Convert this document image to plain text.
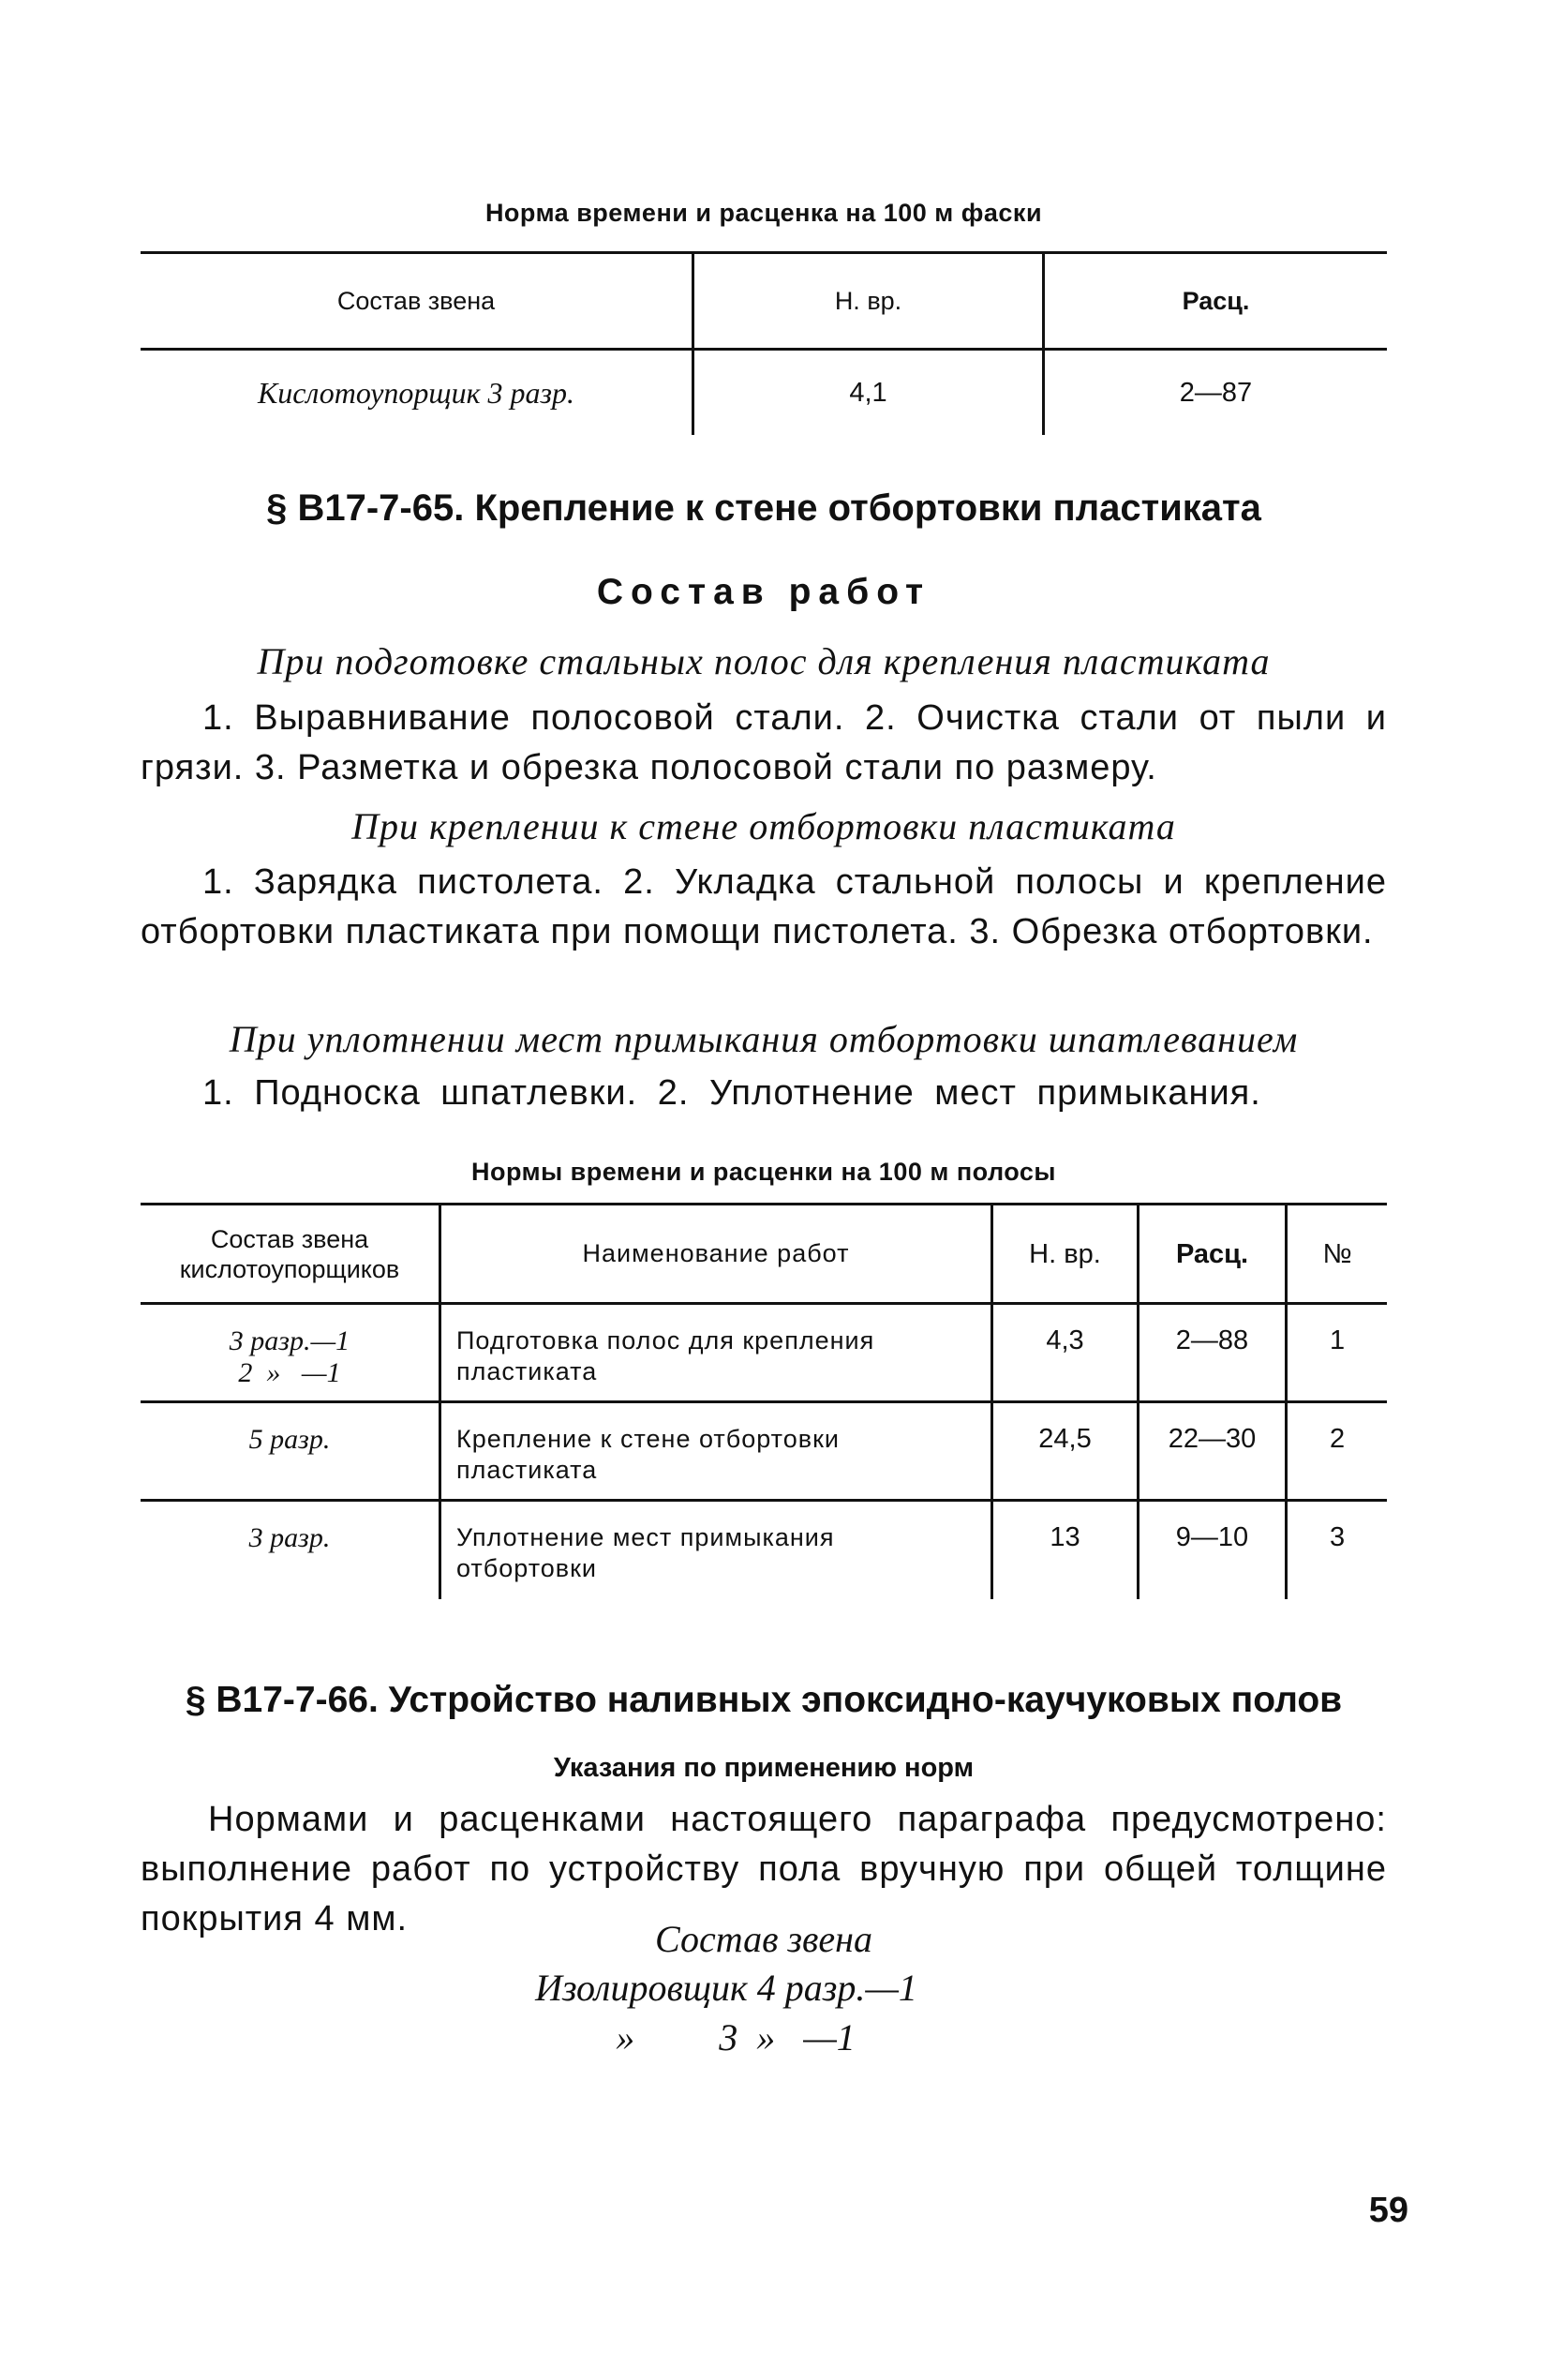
Норма времени и расценка на 100 м фаски
Состав звена	Н. вр.	Расц.
Кислотоупорщик 3 разр.	4,1	2—87
§ В17-7-65. Крепление к стене отбортовки пластиката
Состав работ
При подготовке стальных полос для крепления пластиката
1. Выравнивание полосовой стали. 2. Очистка стали от пыли и грязи. 3. Разметка и обрезка полосовой стали по размеру.
При креплении к стене отбортовки пластиката
1. Зарядка пистолета. 2. Укладка стальной полосы и крепление отбортовки пластиката при помощи пистолета. 3. Обрезка отбортовки.
При уплотнении мест примыкания отбортовки шпатлеванием
1. Подноска шпатлевки. 2. Уплотнение мест примыкания.
Нормы времени и расценки на 100 м полосы
Состав звена кислотоупорщиков	Наименование работ	Н. вр.	Расц.	№
3 разр.—1
2  »   —1	Подготовка полос для крепления пластиката	4,3	2—88	1
5 разр.	Крепление к стене отбортовки пластиката	24,5	22—30	2
3 разр.	Уплотнение мест примыкания отбортовки	13	9—10	3
§ В17-7-66. Устройство наливных эпоксидно-каучуковых полов
Указания по применению норм
Нормами и расценками настоящего параграфа предусмотрено: выполнение работ по устройству пола вручную при общей толщине покрытия 4 мм.	Состав звена
Изолировщик 4 разр.—1
»         3  »   —1
59
